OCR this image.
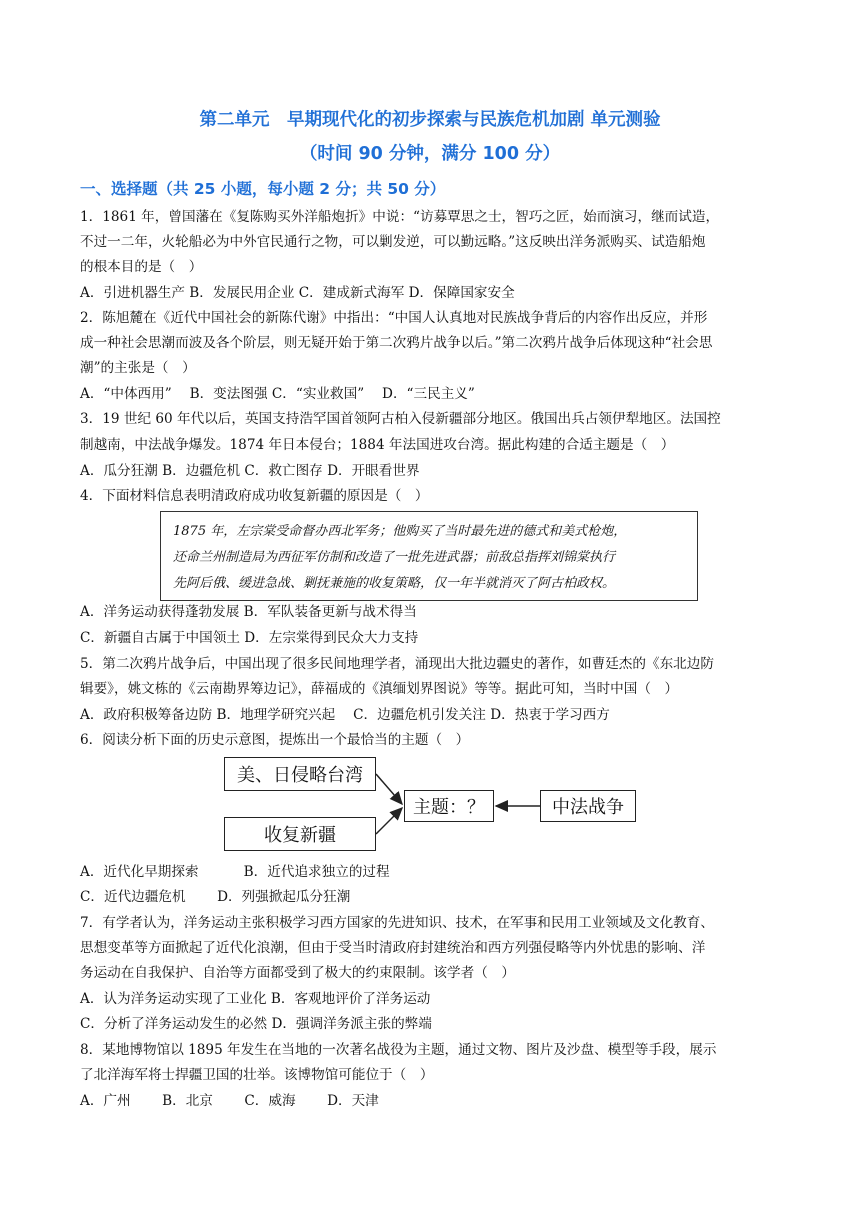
第二单元　早期现代化的初步探索与民族危机加剧 单元测验
（时间 90 分钟，满分 100 分）
一、选择题（共 25 小题，每小题 2 分；共 50 分）
1．1861 年，曾国藩在《复陈购买外洋船炮折》中说：“访募覃思之士，智巧之匠，始而演习，继而试造，
不过一二年，火轮船必为中外官民通行之物，可以剿发逆，可以勤远略。”这反映出洋务派购买、试造船炮
的根本目的是（　）
A．引进机器生产 B．发展民用企业 C．建成新式海军 D．保障国家安全
2．陈旭麓在《近代中国社会的新陈代谢》中指出：“中国人认真地对民族战争背后的内容作出反应，并形
成一种社会思潮而波及各个阶层，则无疑开始于第二次鸦片战争以后。”第二次鸦片战争后体现这种“社会思
潮”的主张是（　）
A．“中体西用”　 B．变法图强 C．“实业救国”　 D．“三民主义”
3．19 世纪 60 年代以后，英国支持浩罕国首领阿古柏入侵新疆部分地区。俄国出兵占领伊犁地区。法国控
制越南，中法战争爆发。1874 年日本侵台；1884 年法国进攻台湾。据此构建的合适主题是（　）
A．瓜分狂潮 B．边疆危机 C．救亡图存 D．开眼看世界
4．下面材料信息表明清政府成功收复新疆的原因是（　）
1875 年，左宗棠受命督办西北军务；他购买了当时最先进的德式和美式枪炮，
还命兰州制造局为西征军仿制和改造了一批先进武器；前敌总指挥刘锦棠执行
先阿后俄、缓进急战、剿抚兼施的收复策略，仅一年半就消灭了阿古柏政权。
A．洋务运动获得蓬勃发展 B．军队装备更新与战术得当
C．新疆自古属于中国领土 D．左宗棠得到民众大力支持
5．第二次鸦片战争后，中国出现了很多民间地理学者，涌现出大批边疆史的著作，如曹廷杰的《东北边防
辑要》，姚文栋的《云南勘界筹边记》，薛福成的《滇缅划界图说》等等。据此可知，当时中国（　）
A．政府积极筹备边防 B．地理学研究兴起　 C．边疆危机引发关注 D．热衷于学习西方
6．阅读分析下面的历史示意图，提炼出一个最恰当的主题（　）
美、日侵略台湾
收复新疆
主题：？	中法战争
A．近代化早期探索　　　 B．近代追求独立的过程
C．近代边疆危机　　 D．列强掀起瓜分狂潮
7．有学者认为，洋务运动主张积极学习西方国家的先进知识、技术，在军事和民用工业领域及文化教育、
思想变革等方面掀起了近代化浪潮，但由于受当时清政府封建统治和西方列强侵略等内外忧患的影响、洋
务运动在自我保护、自治等方面都受到了极大的约束限制。该学者（　）
A．认为洋务运动实现了工业化 B．客观地评价了洋务运动
C．分析了洋务运动发生的必然 D．强调洋务派主张的弊端
8．某地博物馆以 1895 年发生在当地的一次著名战役为主题，通过文物、图片及沙盘、模型等手段，展示
了北洋海军将士捍疆卫国的壮举。该博物馆可能位于（　）
A．广州　　 B．北京　　 C．威海　　 D．天津
